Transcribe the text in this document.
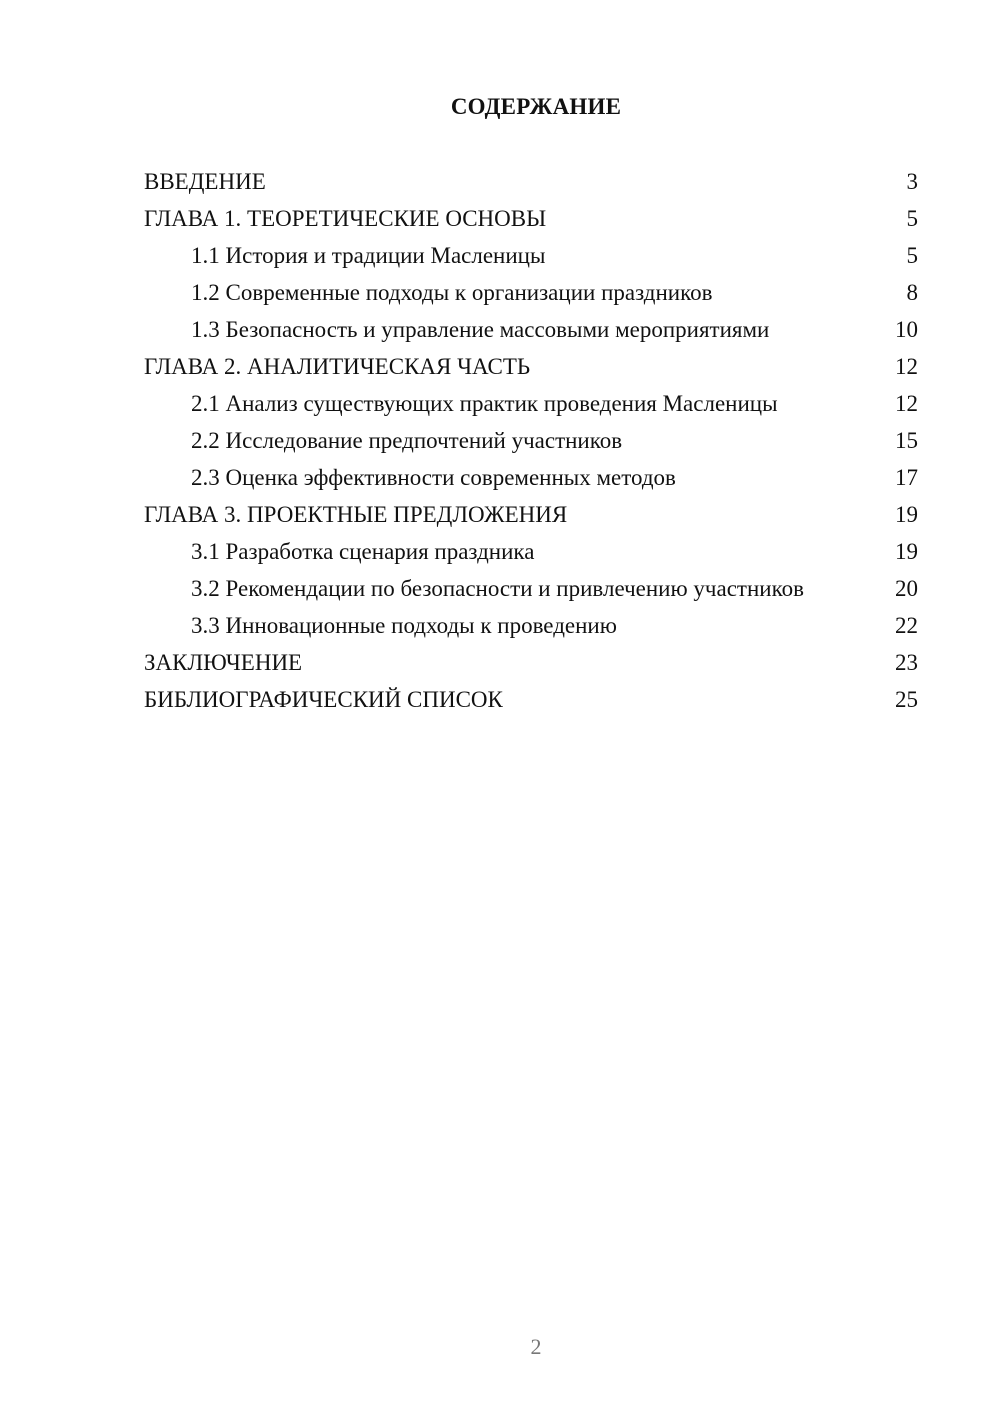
СОДЕРЖАНИЕ
ВВЕДЕНИЕ	3
ГЛАВА 1. ТЕОРЕТИЧЕСКИЕ ОСНОВЫ	5
1.1 История и традиции Масленицы	5
1.2 Современные подходы к организации праздников	8
1.3 Безопасность и управление массовыми мероприятиями	10
ГЛАВА 2. АНАЛИТИЧЕСКАЯ ЧАСТЬ	12
2.1 Анализ существующих практик проведения Масленицы	12
2.2 Исследование предпочтений участников	15
2.3 Оценка эффективности современных методов	17
ГЛАВА 3. ПРОЕКТНЫЕ ПРЕДЛОЖЕНИЯ	19
3.1 Разработка сценария праздника	19
3.2 Рекомендации по безопасности и привлечению участников	20
3.3 Инновационные подходы к проведению	22
ЗАКЛЮЧЕНИЕ	23
БИБЛИОГРАФИЧЕСКИЙ СПИСОК	25
2
